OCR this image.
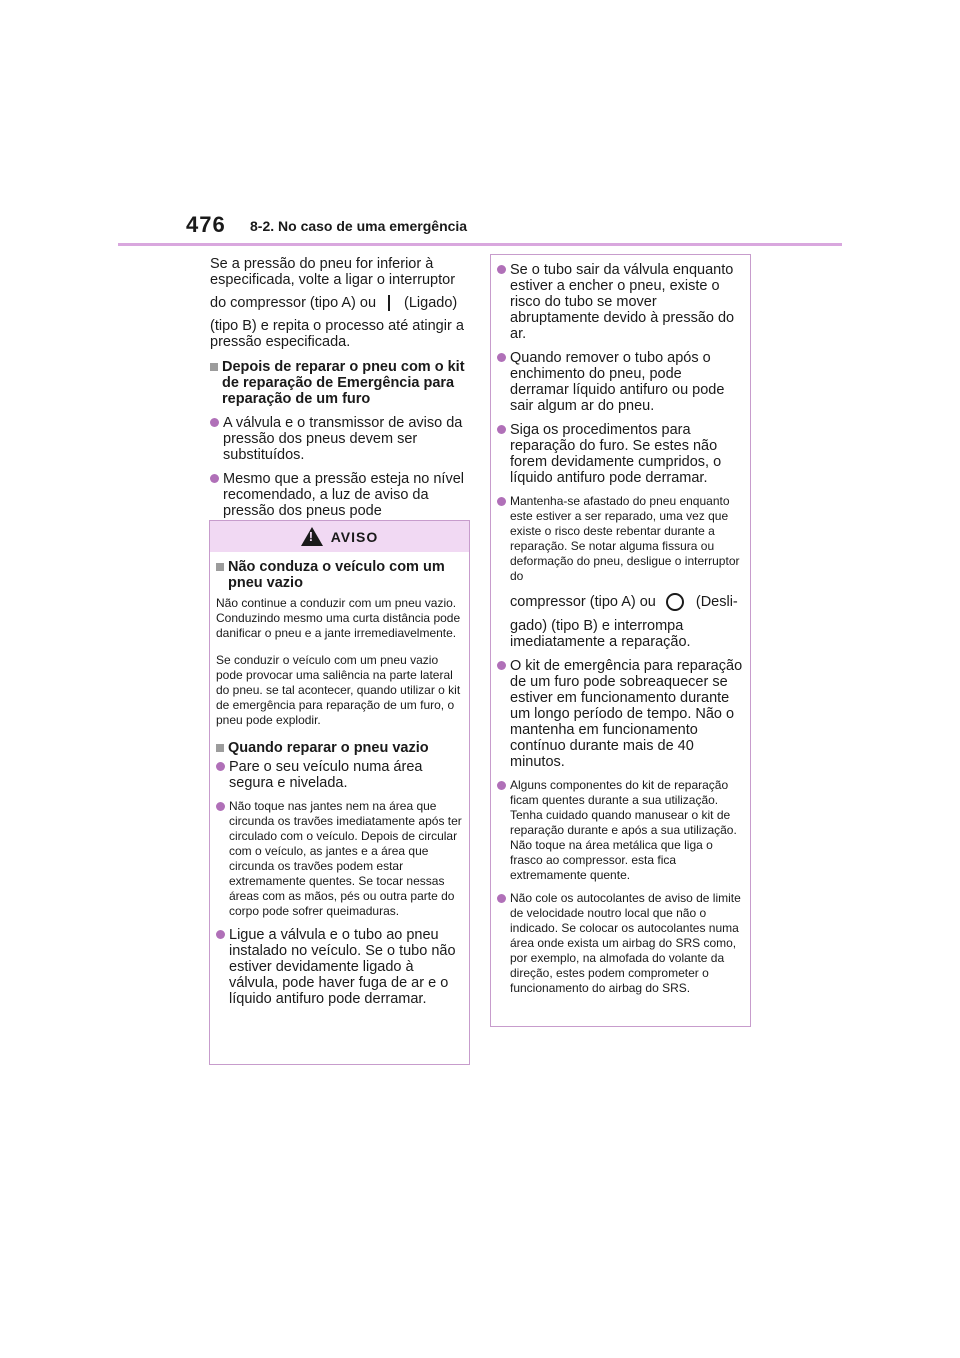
476 8-2. No caso de uma emergência
Se a pressão do pneu for inferior à
especificada, volte a ligar o interruptor
do compressor (tipo A) ou (Ligado)
(tipo B) e repita o processo até atingir a
pressão especificada.
Depois de reparar o pneu com o kit de reparação de Emergência para reparação de um furo
A válvula e o transmissor de aviso da pressão dos pneus devem ser substituídos.
Mesmo que a pressão esteja no nível recomendado, a luz de aviso da pressão dos pneus pode
!
AVISO
Não conduza o veículo com um pneu vazio

Não continue a conduzir com um pneu vazio. Conduzindo mesmo uma curta distância pode danificar o pneu e a jante irremediavelmente.

Se conduzir o veículo com um pneu vazio pode provocar uma saliência na parte lateral do pneu. se tal acontecer, quando utilizar o kit de emergência para reparação de um furo, o pneu pode explodir.

Quando reparar o pneu vazio
Pare o seu veículo numa área segura e nivelada.
Não toque nas jantes nem na área que circunda os travões imediatamente após ter circulado com o veículo. Depois de circular com o veículo, as jantes e a área que circunda os travões podem estar extremamente quentes. Se tocar nessas áreas com as mãos, pés ou outra parte do corpo pode sofrer queimaduras.
Ligue a válvula e o tubo ao pneu instalado no veículo. Se o tubo não estiver devidamente ligado à válvula, pode haver fuga de ar e o líquido antifuro pode derramar.
Se o tubo sair da válvula enquanto estiver a encher o pneu, existe o risco do tubo se mover abruptamente devido à pressão do ar.
Quando remover o tubo após o enchimento do pneu, pode derramar líquido antifuro ou pode sair algum ar do pneu.
Siga os procedimentos para reparação do furo. Se estes não forem devidamente cumpridos, o líquido antifuro pode derramar.
Mantenha-se afastado do pneu enquanto este estiver a ser reparado, uma vez que existe o risco deste rebentar durante a reparação. Se notar alguma fissura ou deformação do pneu, desligue o interruptor do
compressor (tipo A) ou	(Desli-
gado) (tipo B) e interrompa imediatamente a reparação.
O kit de emergência para reparação de um furo pode sobreaquecer se estiver em funcionamento durante um longo período de tempo. Não o mantenha em funcionamento contínuo durante mais de 40 minutos.
Alguns componentes do kit de reparação ficam quentes durante a sua utilização. Tenha cuidado quando manusear o kit de reparação durante e após a sua utilização. Não toque na área metálica que liga o frasco ao compressor. esta fica extremamente quente.
Não cole os autocolantes de aviso de limite de velocidade noutro local que não o indicado. Se colocar os autocolantes numa área onde exista um airbag do SRS como, por exemplo, na almofada do volante da direção, estes podem comprometer o funcionamento do airbag do SRS.
